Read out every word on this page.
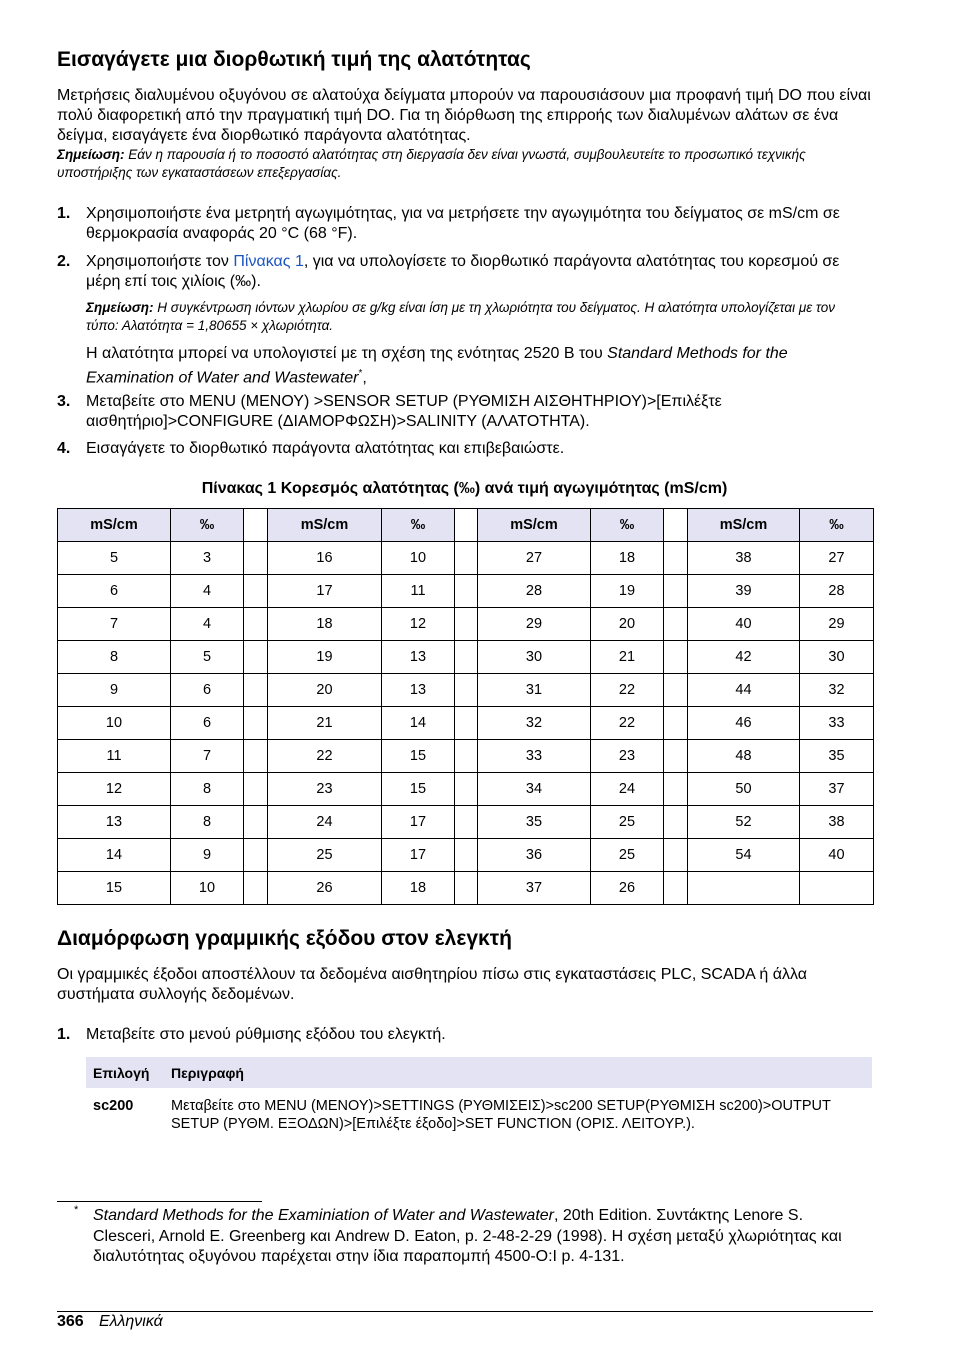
Εισαγάγετε μια διορθωτική τιμή της αλατότητας

Μετρήσεις διαλυμένου οξυγόνου σε αλατούχα δείγματα μπορούν να παρουσιάσουν μια προφανή τιμή DO που είναι πολύ διαφορετική από την πραγματική τιμή DO. Για τη διόρθωση της επιρροής των διαλυμένων αλάτων σε ένα δείγμα, εισαγάγετε ένα διορθωτικό παράγοντα αλατότητας.

Σημείωση: Εάν η παρουσία ή το ποσοστό αλατότητας στη διεργασία δεν είναι γνωστά, συμβουλευτείτε το προσωπικό τεχνικής υποστήριξης των εγκαταστάσεων επεξεργασίας.

1. Χρησιμοποιήστε ένα μετρητή αγωγιμότητας, για να μετρήσετε την αγωγιμότητα του δείγματος σε mS/cm σε θερμοκρασία αναφοράς 20 °C (68 °F).

2. Χρησιμοποιήστε τον Πίνακας 1, για να υπολογίσετε το διορθωτικό παράγοντα αλατότητας του κορεσμού σε μέρη επί τοις χιλίοις (‰).

Σημείωση: Η συγκέντρωση ιόντων χλωρίου σε g/kg είναι ίση με τη χλωριότητα του δείγματος. Η αλατότητα υπολογίζεται με τον τύπο: Αλατότητα = 1,80655 × χλωριότητα.

Η αλατότητα μπορεί να υπολογιστεί με τη σχέση της ενότητας 2520 B του Standard Methods for the Examination of Water and Wastewater*,

3. Μεταβείτε στο MENU (ΜΕΝΟΥ) >SENSOR SETUP (ΡΥΘΜΙΣΗ ΑΙΣΘΗΤΗΡΙΟΥ)>[Επιλέξτε αισθητήριο]>CONFIGURE (ΔΙΑΜΟΡΦΩΣΗ)>SALINITY (ΑΛΑΤΟΤΗΤΑ).

4. Εισαγάγετε το διορθωτικό παράγοντα αλατότητας και επιβεβαιώστε.

Πίνακας 1 Κορεσμός αλατότητας (‰) ανά τιμή αγωγιμότητας (mS/cm)
mS/cm	‰		mS/cm	‰		mS/cm	‰		mS/cm	‰
5	3		16	10		27	18		38	27
6	4		17	11		28	19		39	28
7	4		18	12		29	20		40	29
8	5		19	13		30	21		42	30
9	6		20	13		31	22		44	32
10	6		21	14		32	22		46	33
11	7		22	15		33	23		48	35
12	8		23	15		34	24		50	37
13	8		24	17		35	25		52	38
14	9		25	17		36	25		54	40
15	10		26	18		37	26			
Διαμόρφωση γραμμικής εξόδου στον ελεγκτή

Οι γραμμικές έξοδοι αποστέλλουν τα δεδομένα αισθητηρίου πίσω στις εγκαταστάσεις PLC, SCADA ή άλλα συστήματα συλλογής δεδομένων.

1. Μεταβείτε στο μενού ρύθμισης εξόδου του ελεγκτή.

Επιλογή	Περιγραφή
sc200	Μεταβείτε στο MENU (ΜΕΝΟΥ)>SETTINGS (ΡΥΘΜΙΣΕΙΣ)>sc200 SETUP(ΡΥΘΜΙΣΗ sc200)>OUTPUT SETUP (ΡΥΘΜ. ΕΞΟΔΩΝ)>[Επιλέξτε έξοδο]>SET FUNCTION (ΟΡΙΣ. ΛΕΙΤΟΥΡ.).
* Standard Methods for the Examiniation of Water and Wastewater, 20th Edition. Συντάκτης Lenore S. Clesceri, Arnold E. Greenberg και Andrew D. Eaton, p. 2-48-2-29 (1998). Η σχέση μεταξύ χλωριότητας και διαλυτότητας οξυγόνου παρέχεται στην ίδια παραπομπή 4500-O:I p. 4-131.

366 Ελληνικά
